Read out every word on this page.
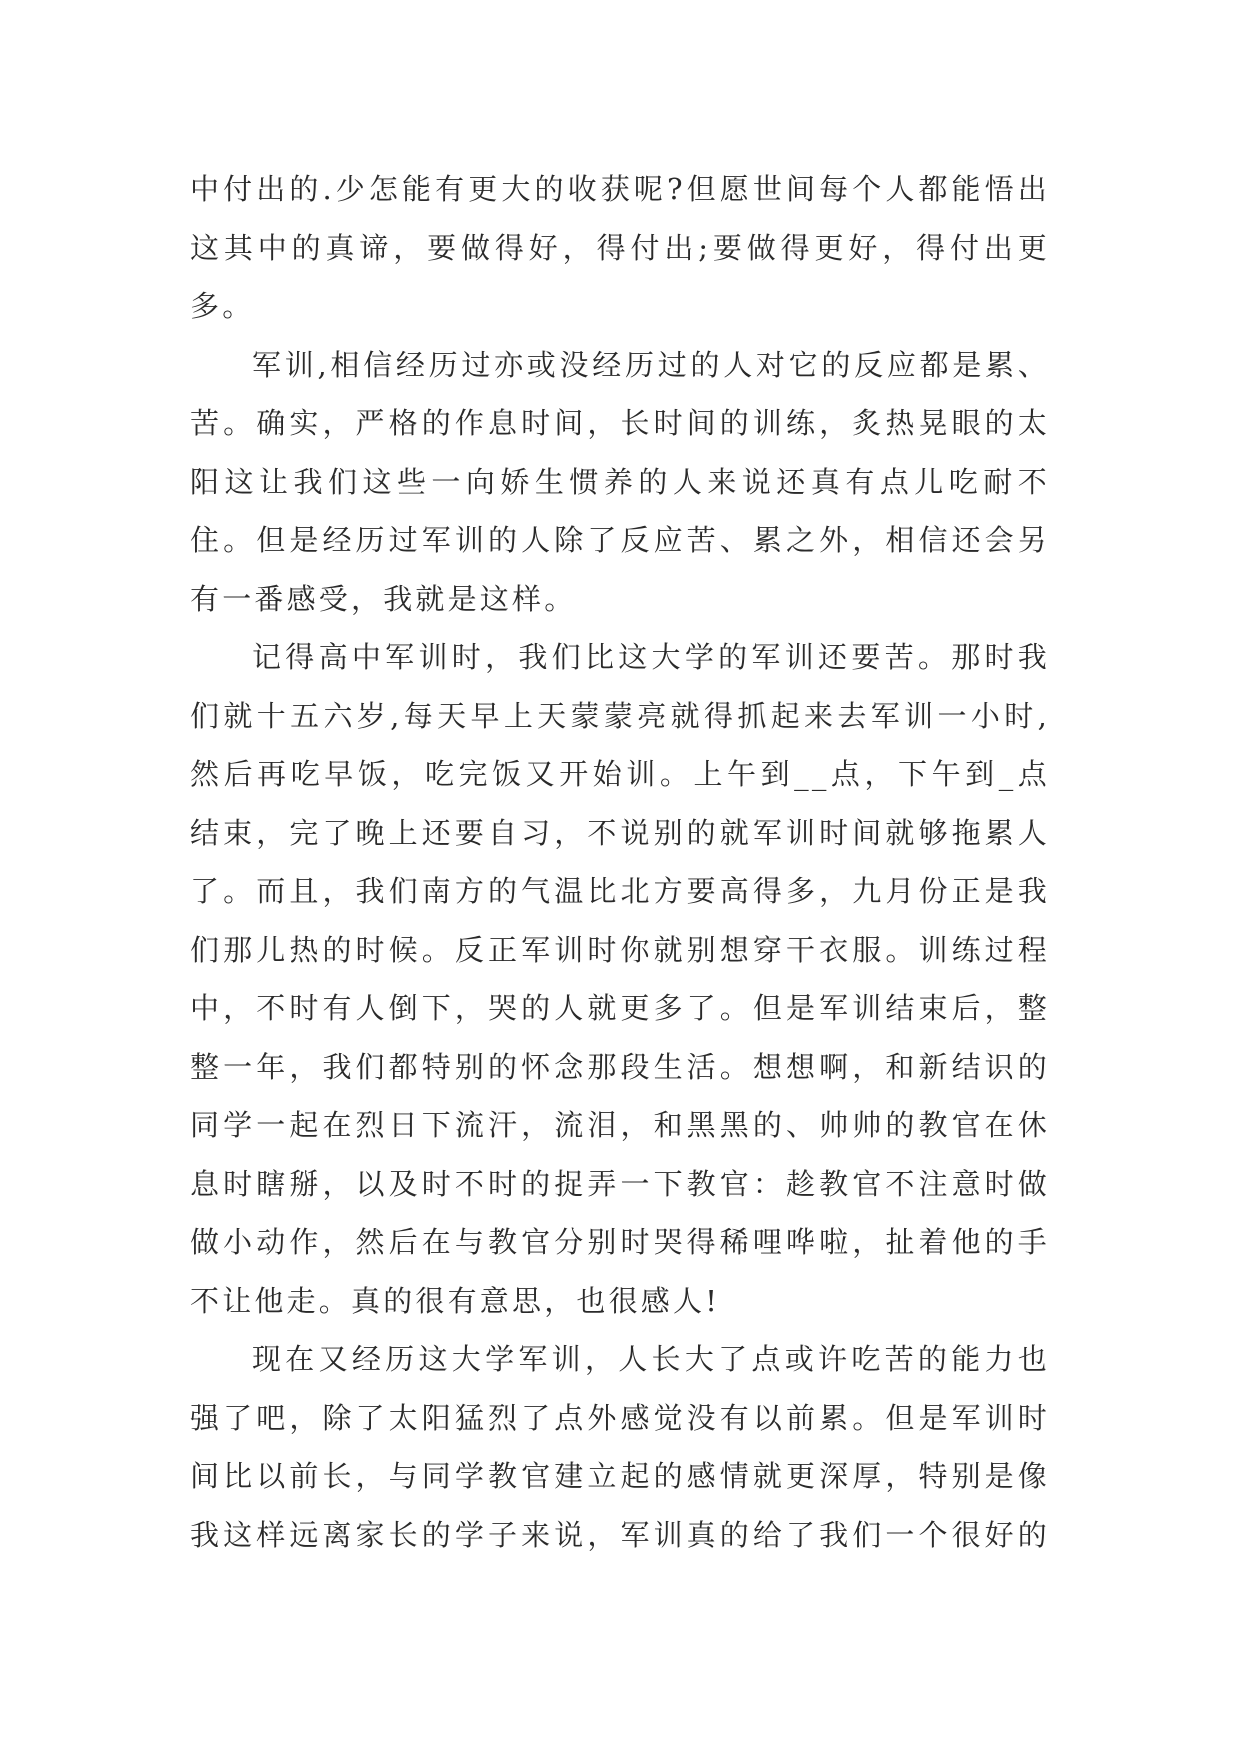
中付出的.少怎能有更大的收获呢?但愿世间每个人都能悟出
这其中的真谛，要做得好，得付出;要做得更好，得付出更
多。
军训,相信经历过亦或没经历过的人对它的反应都是累、
苦。确实，严格的作息时间，长时间的训练，炙热晃眼的太
阳这让我们这些一向娇生惯养的人来说还真有点儿吃耐不
住。但是经历过军训的人除了反应苦、累之外，相信还会另
有一番感受，我就是这样。
记得高中军训时，我们比这大学的军训还要苦。那时我
们就十五六岁,每天早上天蒙蒙亮就得抓起来去军训一小时,
然后再吃早饭，吃完饭又开始训。上午到__点，下午到_点
结束，完了晚上还要自习，不说别的就军训时间就够拖累人
了。而且，我们南方的气温比北方要高得多，九月份正是我
们那儿热的时候。反正军训时你就别想穿干衣服。训练过程
中，不时有人倒下，哭的人就更多了。但是军训结束后，整
整一年，我们都特别的怀念那段生活。想想啊，和新结识的
同学一起在烈日下流汗，流泪，和黑黑的、帅帅的教官在休
息时瞎掰，以及时不时的捉弄一下教官：趁教官不注意时做
做小动作，然后在与教官分别时哭得稀哩哗啦，扯着他的手
不让他走。真的很有意思，也很感人!
现在又经历这大学军训，人长大了点或许吃苦的能力也
强了吧，除了太阳猛烈了点外感觉没有以前累。但是军训时
间比以前长，与同学教官建立起的感情就更深厚，特别是像
我这样远离家长的学子来说，军训真的给了我们一个很好的
